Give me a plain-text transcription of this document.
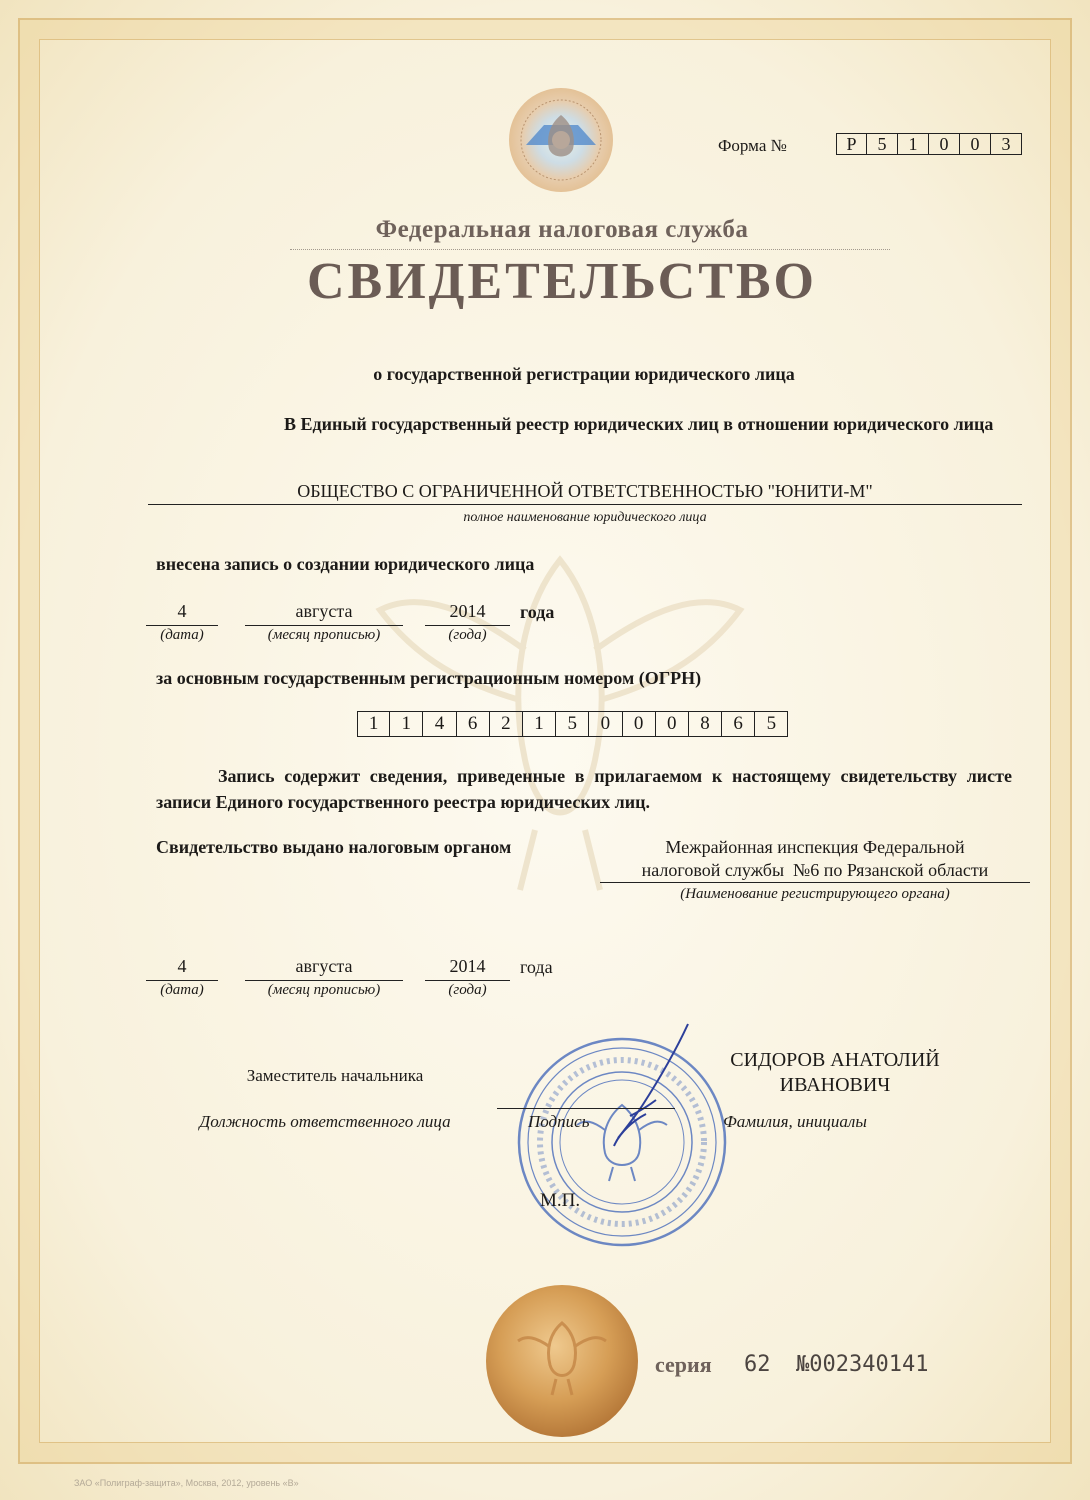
Форма №	Р	5	1	0	0	3
Федеральная налоговая служба
СВИДЕТЕЛЬСТВО
о государственной регистрации юридического лица
В Единый государственный реестр юридических лиц в отношении юридического лица
ОБЩЕСТВО С ОГРАНИЧЕННОЙ ОТВЕТСТВЕННОСТЬЮ "ЮНИТИ-М"
полное наименование юридического лица
внесена запись о создании юридического лица
4	августа	2014	года
(дата)	(месяц прописью)	(года)
за основным государственным регистрационным номером (ОГРН)
1	1	4	6	2	1	5	0	0	0	8	6	5
Запись содержит сведения, приведенные в прилагаемом к настоящему свидетельству листе записи Единого государственного реестра юридических лиц.
Свидетельство выдано налоговым органом	Межрайонная инспекция Федеральной
налоговой службы  №6 по Рязанской области
(Наименование регистрирующего органа)
4	августа	2014	года
(дата)	(месяц прописью)	(года)
Заместитель начальника
Должность ответственного лица	Подпись
СИДОРОВ АНАТОЛИЙ
ИВАНОВИЧ
Фамилия, инициалы
М.П.
серия 62 №002340141
ЗАО «Полиграф-защита», Москва, 2012, уровень «В»
